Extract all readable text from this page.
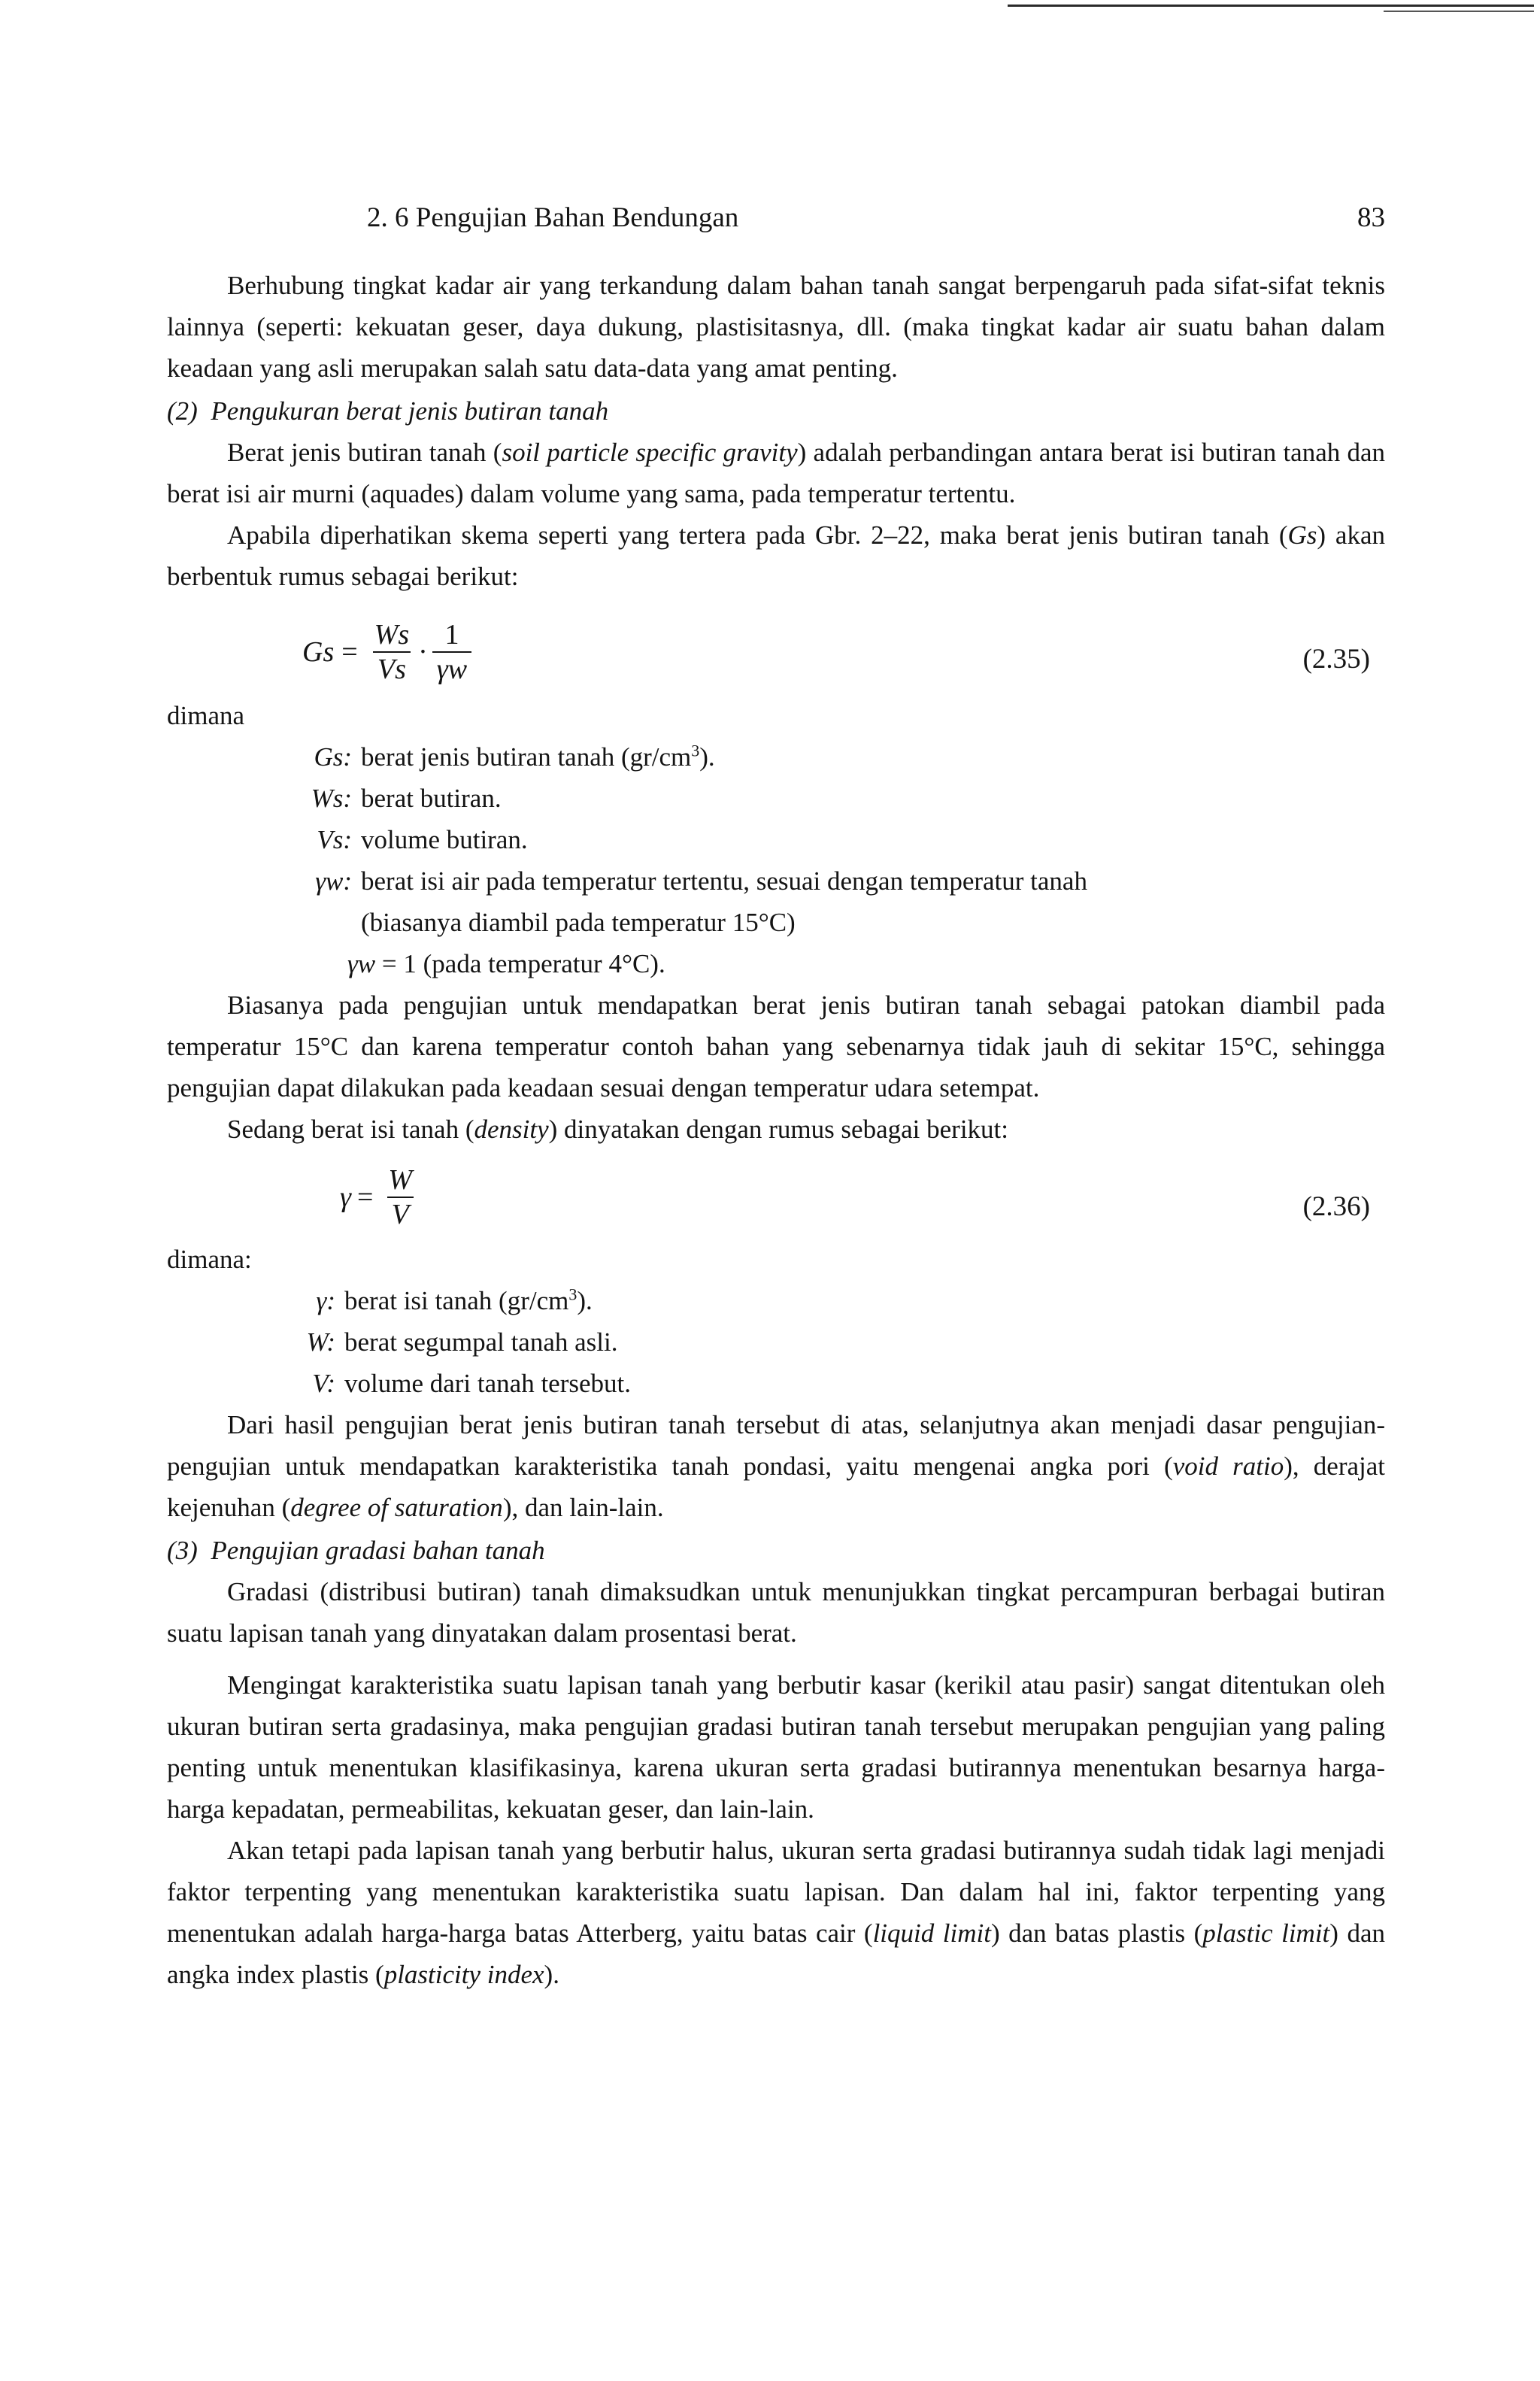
2. 6 Pengujian Bahan Bendungan	83

Berhubung tingkat kadar air yang terkandung dalam bahan tanah sangat berpengaruh pada sifat-sifat teknis lainnya (seperti: kekuatan geser, daya dukung, plastisitasnya, dll. (maka tingkat kadar air suatu bahan dalam keadaan yang asli merupakan salah satu data-data yang amat penting.

(2) Pengukuran berat jenis butiran tanah

Berat jenis butiran tanah (soil particle specific gravity) adalah perbandingan antara berat isi butiran tanah dan berat isi air murni (aquades) dalam volume yang sama, pada temperatur tertentu.

Apabila diperhatikan skema seperti yang tertera pada Gbr. 2–22, maka berat jenis butiran tanah (Gs) akan berbentuk rumus sebagai berikut:

$Gs = \frac{Ws}{Vs} \cdot \frac{1}{\gamma w}$	(2.35)

dimana

Gs: berat jenis butiran tanah $(gr/cm^3)$.
Ws: berat butiran.
Vs: volume butiran.
γw: berat isi air pada temperatur tertentu, sesuai dengan temperatur tanah
(biasanya diambil pada temperatur 15°C)
γw = 1 (pada temperatur 4°C).

Biasanya pada pengujian untuk mendapatkan berat jenis butiran tanah sebagai patokan diambil pada temperatur 15°C dan karena temperatur contoh bahan yang sebenarnya tidak jauh di sekitar 15°C, sehingga pengujian dapat dilakukan pada keadaan sesuai dengan temperatur udara setempat.

Sedang berat isi tanah (density) dinyatakan dengan rumus sebagai berikut:

$\gamma = \frac{W}{V}$	(2.36)

dimana:

γ: berat isi tanah $(gr/cm^3)$.
W: berat segumpal tanah asli.
V: volume dari tanah tersebut.

Dari hasil pengujian berat jenis butiran tanah tersebut di atas, selanjutnya akan menjadi dasar pengujian-pengujian untuk mendapatkan karakteristika tanah pondasi, yaitu mengenai angka pori (void ratio), derajat kejenuhan (degree of saturation), dan lain-lain.

(3) Pengujian gradasi bahan tanah

Gradasi (distribusi butiran) tanah dimaksudkan untuk menunjukkan tingkat percampuran berbagai butiran suatu lapisan tanah yang dinyatakan dalam prosentasi berat.

Mengingat karakteristika suatu lapisan tanah yang berbutir kasar (kerikil atau pasir) sangat ditentukan oleh ukuran butiran serta gradasinya, maka pengujian gradasi butiran tanah tersebut merupakan pengujian yang paling penting untuk menentukan klasifikasinya, karena ukuran serta gradasi butirannya menentukan besarnya harga-harga kepadatan, permeabilitas, kekuatan geser, dan lain-lain.

Akan tetapi pada lapisan tanah yang berbutir halus, ukuran serta gradasi butirannya sudah tidak lagi menjadi faktor terpenting yang menentukan karakteristika suatu lapisan. Dan dalam hal ini, faktor terpenting yang menentukan adalah harga-harga batas Atterberg, yaitu batas cair (liquid limit) dan batas plastis (plastic limit) dan angka index plastis (plasticity index).
